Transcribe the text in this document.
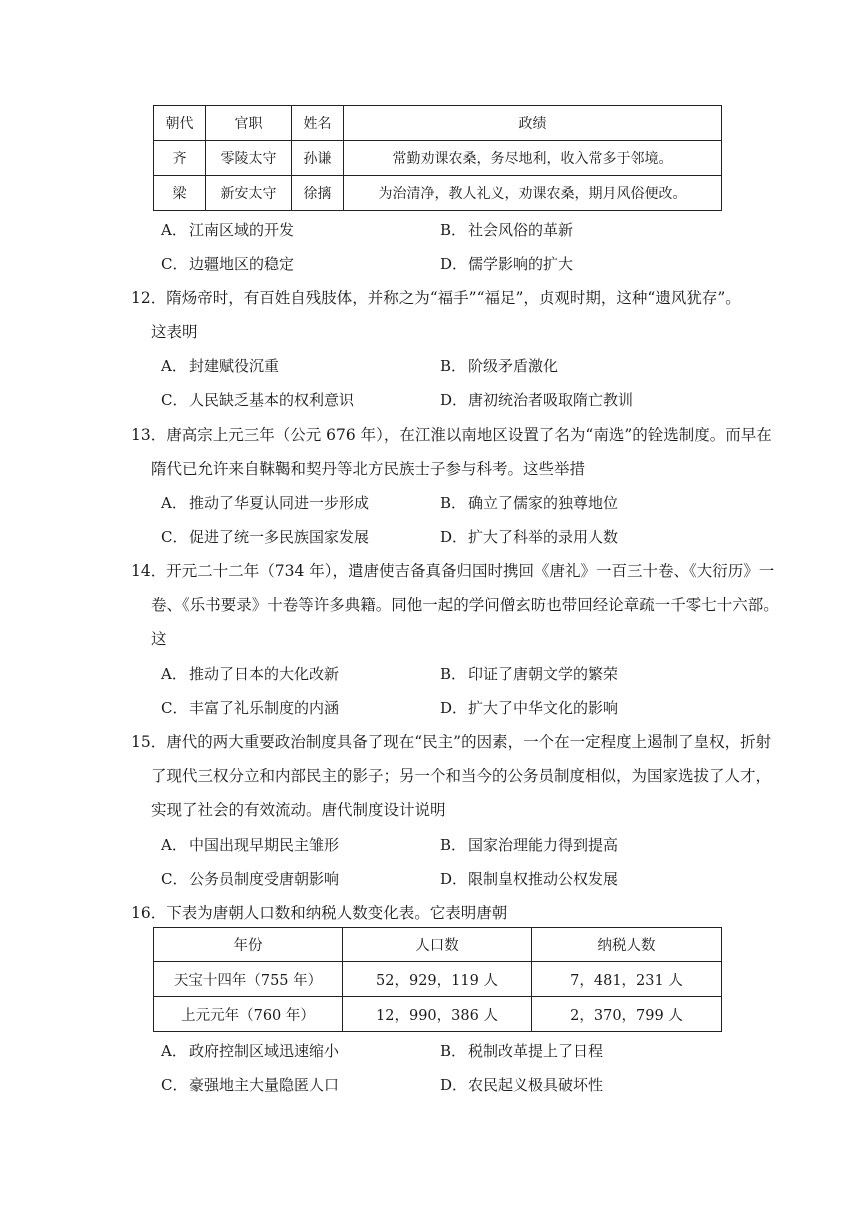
朝代	官职	姓名	政绩
齐	零陵太守	孙谦	常勤劝课农桑，务尽地利，收入常多于邻境。
梁	新安太守	徐摛	为治清净，教人礼义，劝课农桑，期月风俗便改。
A． 江南区域的开发	B． 社会风俗的革新
C． 边疆地区的稳定	D．儒学影响的扩大
12．隋炀帝时，有百姓自残肢体，并称之为“福手”“福足”，贞观时期，这种“遗风犹存”。
这表明
A． 封建赋役沉重	B． 阶级矛盾激化
C． 人民缺乏基本的权利意识	D．唐初统治者吸取隋亡教训
13．唐高宗上元三年（公元 676 年），在江淮以南地区设置了名为“南选”的铨选制度。而早在
隋代已允许来自靺鞨和契丹等北方民族士子参与科考。这些举措
A． 推动了华夏认同进一步形成	B． 确立了儒家的独尊地位
C． 促进了统一多民族国家发展	D．扩大了科举的录用人数
14．开元二十二年（734 年），遣唐使吉备真备归国时携回《唐礼》一百三十卷、《大衍历》一
卷、《乐书要录》十卷等许多典籍。同他一起的学问僧玄昉也带回经论章疏一千零七十六部。
这
A． 推动了日本的大化改新	B． 印证了唐朝文学的繁荣
C． 丰富了礼乐制度的内涵	D．扩大了中华文化的影响
15．唐代的两大重要政治制度具备了现在“民主”的因素，一个在一定程度上遏制了皇权，折射
了现代三权分立和内部民主的影子；另一个和当今的公务员制度相似，为国家选拔了人才，
实现了社会的有效流动。唐代制度设计说明
A． 中国出现早期民主雏形	B． 国家治理能力得到提高
C． 公务员制度受唐朝影响	D．限制皇权推动公权发展
16．下表为唐朝人口数和纳税人数变化表。它表明唐朝
年份	人口数	纳税人数
天宝十四年（755 年）	52，929，119 人	7，481，231 人
上元元年（760 年）	12，990，386 人	2，370，799 人
A． 政府控制区域迅速缩小	B． 税制改革提上了日程
C． 豪强地主大量隐匿人口	D．农民起义极具破坏性
